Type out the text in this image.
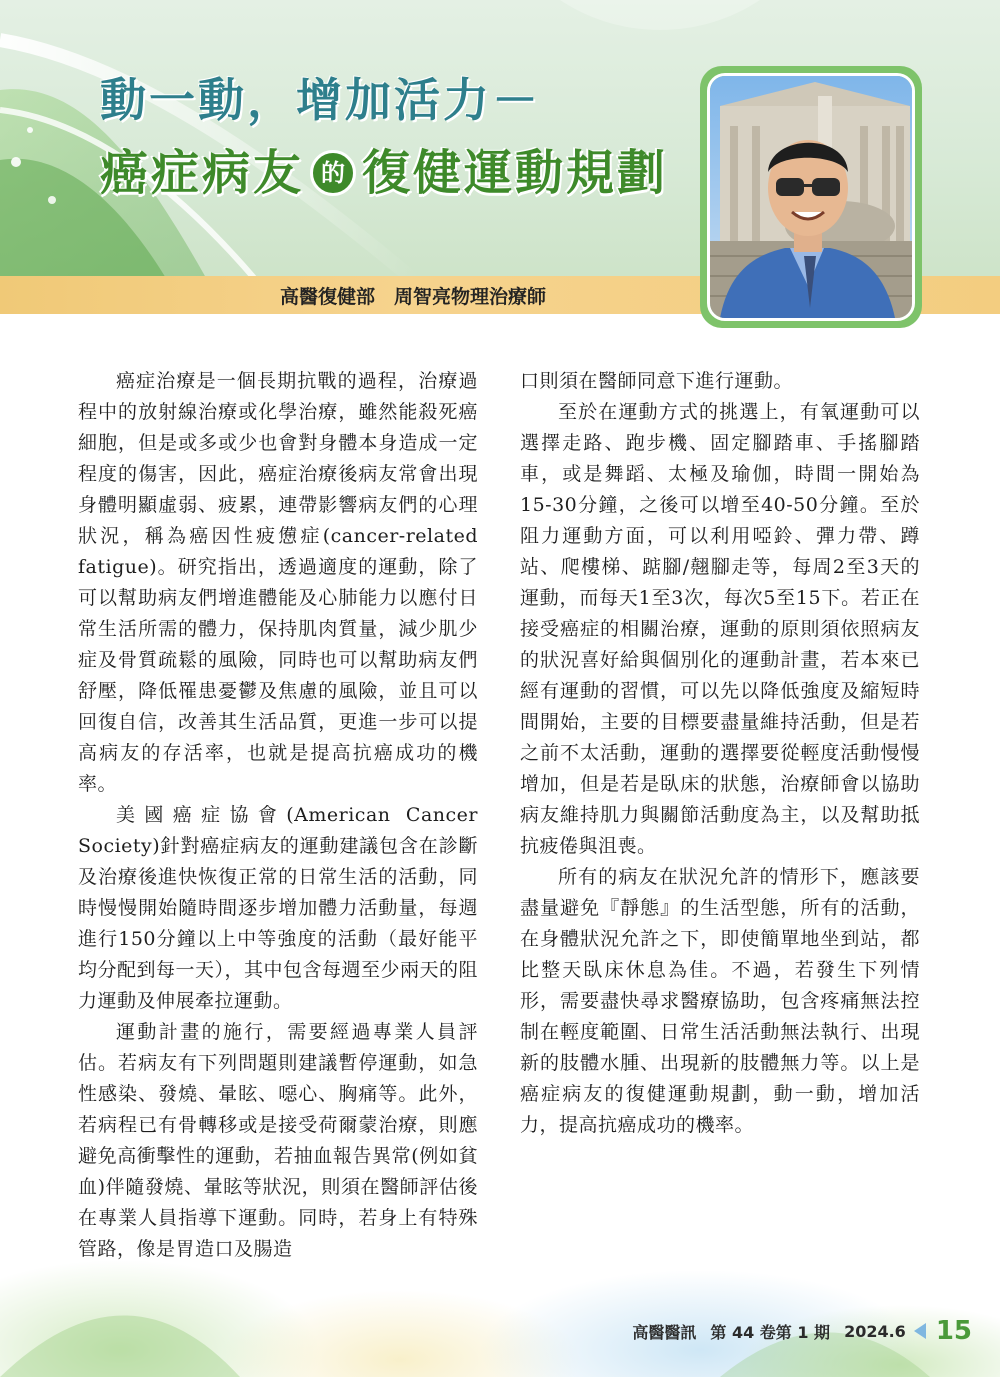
動一動，增加活力－
癌症病友 的 復健運動規劃
高醫復健部　周智亮物理治療師

癌症治療是一個長期抗戰的過程，治療過程中的放射線治療或化學治療，雖然能殺死癌細胞，但是或多或少也會對身體本身造成一定程度的傷害，因此，癌症治療後病友常會出現身體明顯虛弱、疲累，連帶影響病友們的心理狀況，稱為癌因性疲憊症(cancer-related fatigue)。研究指出，透過適度的運動，除了可以幫助病友們增進體能及心肺能力以應付日常生活所需的體力，保持肌肉質量，減少肌少症及骨質疏鬆的風險，同時也可以幫助病友們舒壓，降低罹患憂鬱及焦慮的風險，並且可以回復自信，改善其生活品質，更進一步可以提高病友的存活率，也就是提高抗癌成功的機率。

美國癌症協會(American Cancer Society)針對癌症病友的運動建議包含在診斷及治療後進快恢復正常的日常生活的活動，同時慢慢開始隨時間逐步增加體力活動量，每週進行150分鐘以上中等強度的活動（最好能平均分配到每一天），其中包含每週至少兩天的阻力運動及伸展牽拉運動。

運動計畫的施行，需要經過專業人員評估。若病友有下列問題則建議暫停運動，如急性感染、發燒、暈眩、噁心、胸痛等。此外，若病程已有骨轉移或是接受荷爾蒙治療，則應避免高衝擊性的運動，若抽血報告異常(例如貧血)伴隨發燒、暈眩等狀況，則須在醫師評估後在專業人員指導下運動。同時，若身上有特殊管路，像是胃造口及腸造

口則須在醫師同意下進行運動。

至於在運動方式的挑選上，有氧運動可以選擇走路、跑步機、固定腳踏車、手搖腳踏車，或是舞蹈、太極及瑜伽，時間一開始為15-30分鐘，之後可以增至40-50分鐘。至於阻力運動方面，可以利用啞鈴、彈力帶、蹲站、爬樓梯、踮腳/翹腳走等，每周2至3天的運動，而每天1至3次，每次5至15下。若正在接受癌症的相關治療，運動的原則須依照病友的狀況喜好給與個別化的運動計畫，若本來已經有運動的習慣，可以先以降低強度及縮短時間開始，主要的目標要盡量維持活動，但是若之前不太活動，運動的選擇要從輕度活動慢慢增加，但是若是臥床的狀態，治療師會以協助病友維持肌力與關節活動度為主，以及幫助抵抗疲倦與沮喪。

所有的病友在狀況允許的情形下，應該要盡量避免『靜態』的生活型態，所有的活動，在身體狀況允許之下，即使簡單地坐到站，都比整天臥床休息為佳。不過，若發生下列情形，需要盡快尋求醫療協助，包含疼痛無法控制在輕度範圍、日常生活活動無法執行、出現新的肢體水腫、出現新的肢體無力等。以上是癌症病友的復健運動規劃，動一動，增加活力，提高抗癌成功的機率。

高醫醫訊 第 44 卷第 1 期 2024.6 15
